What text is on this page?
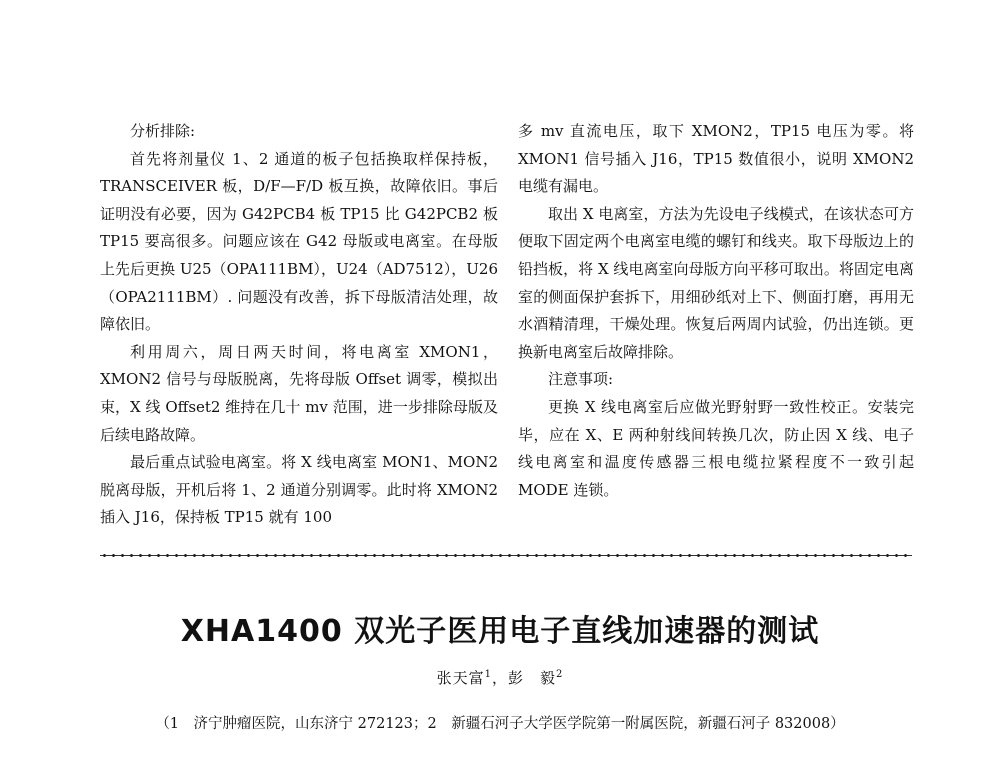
分析排除:

首先将剂量仪 1、2 通道的板子包括换取样保持板，TRANSCEIVER 板，D/F—F/D 板互换，故障依旧。事后证明没有必要，因为 G42PCB4 板 TP15 比 G42PCB2 板 TP15 要高很多。问题应该在 G42 母版或电离室。在母版上先后更换 U25（OPA111BM），U24（AD7512），U26（OPA2111BM）. 问题没有改善，拆下母版清洁处理，故障依旧。

利用周六，周日两天时间，将电离室 XMON1，XMON2 信号与母版脱离，先将母版 Offset 调零，模拟出束，X 线 Offset2 维持在几十 mv 范围，进一步排除母版及后续电路故障。

最后重点试验电离室。将 X 线电离室 MON1、MON2 脱离母版，开机后将 1、2 通道分别调零。此时将 XMON2 插入 J16，保持板 TP15 就有 100

多 mv 直流电压，取下 XMON2，TP15 电压为零。将 XMON1 信号插入 J16，TP15 数值很小，说明 XMON2 电缆有漏电。

取出 X 电离室，方法为先设电子线模式，在该状态可方便取下固定两个电离室电缆的螺钉和线夹。取下母版边上的铅挡板，将 X 线电离室向母版方向平移可取出。将固定电离室的侧面保护套拆下，用细砂纸对上下、侧面打磨，再用无水酒精清理，干燥处理。恢复后两周内试验，仍出连锁。更换新电离室后故障排除。

注意事项:

更换 X 线电离室后应做光野射野一致性校正。安装完毕，应在 X、E 两种射线间转换几次，防止因 X 线、电子线电离室和温度传感器三根电缆拉紧程度不一致引起 MODE 连锁。

XHA1400 双光子医用电子直线加速器的测试
张天富$^1$，彭　毅$^2$
（1　济宁肿瘤医院，山东济宁 272123；2　新疆石河子大学医学院第一附属医院，新疆石河子 832008）
